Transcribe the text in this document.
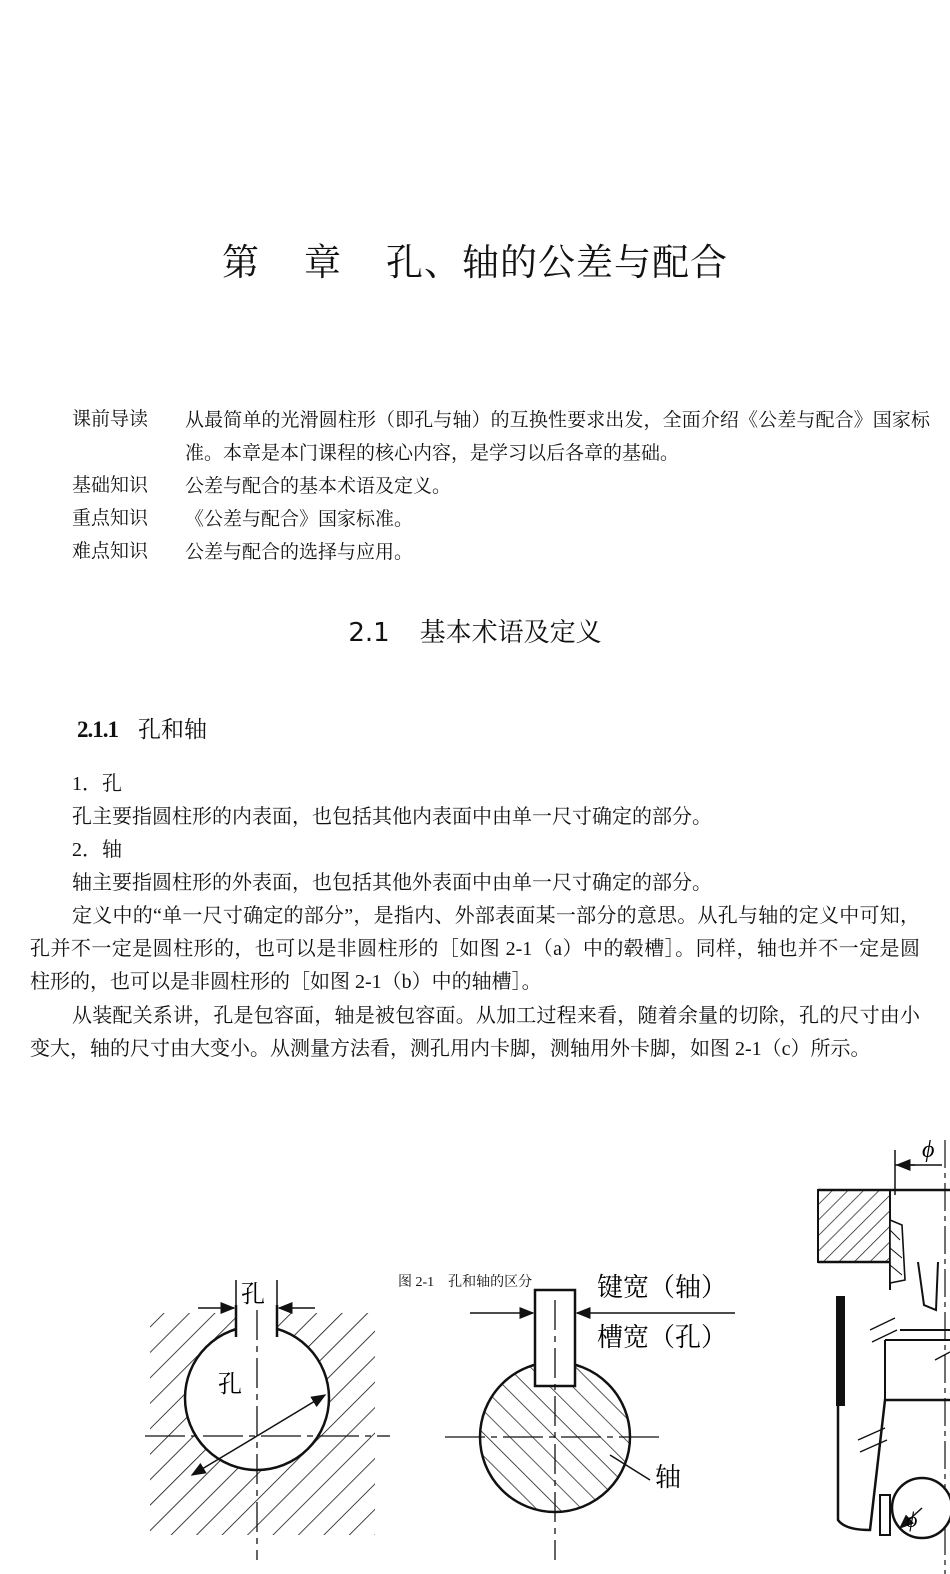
第 章 孔、轴的公差与配合
课前导读 从最简单的光滑圆柱形（即孔与轴）的互换性要求出发，全面介绍《公差与配合》国家标准。本章是本门课程的核心内容，是学习以后各章的基础。
基础知识 公差与配合的基本术语及定义。
重点知识 《公差与配合》国家标准。
难点知识 公差与配合的选择与应用。
2.1 基本术语及定义
2.1.1 孔和轴
1．孔
孔主要指圆柱形的内表面，也包括其他内表面中由单一尺寸确定的部分。
2．轴
轴主要指圆柱形的外表面，也包括其他外表面中由单一尺寸确定的部分。
定义中的“单一尺寸确定的部分”，是指内、外部表面某一部分的意思。从孔与轴的定义中可知，孔并不一定是圆柱形的，也可以是非圆柱形的［如图 2-1（a）中的毂槽］。同样，轴也并不一定是圆柱形的，也可以是非圆柱形的［如图 2-1（b）中的轴槽］。
从装配关系讲，孔是包容面，轴是被包容面。从加工过程来看，随着余量的切除，孔的尺寸由小变大，轴的尺寸由大变小。从测量方法看，测孔用内卡脚，测轴用外卡脚，如图 2-1（c）所示。
孔
孔
键宽（轴）
槽宽（孔）
轴
ϕ
ϕ
图 2-1　孔和轴的区分
